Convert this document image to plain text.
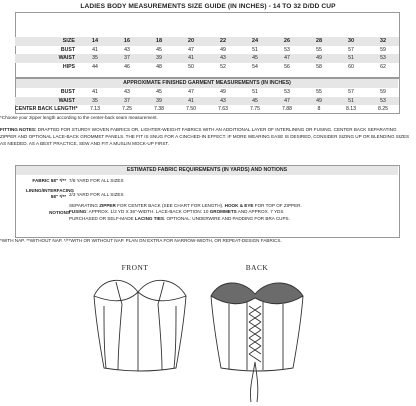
LADIES BODY MEASUREMENTS SIZE GUIDE (IN INCHES) - 14 TO 32 D/DD CUP
SIZE	14	16	18	20	22	24	26	28	30	32
BUST	41	43	45	47	49	51	53	55	57	59
WAIST	35	37	39	41	43	45	47	49	51	53
HIPS	44	46	48	50	52	54	56	58	60	62
APPROXIMATE FINISHED GARMENT MEASUREMENTS (IN INCHES)
BUST	41	43	45	47	49	51	53	55	57	59
WAIST	35	37	39	41	43	45	47	49	51	53
CENTER BACK LENGTH*	7.13	7.25	7.38	7.50	7.63	7.75	7.88	8	8.13	8.25
*Choose your zipper length according to the center-back seam measurement.
FITTING NOTES: DRAFTED FOR STURDY WOVEN FABRICS OR, LIGHTER-WEIGHT FABRICS WITH AN ADDITIONAL LAYER OF INTERLINING OR FUSING. CENTER BACK SEPARATING ZIPPER AND OPTIONAL LACE-BACK GROMMET PANELS. THE FIT IS SNUG FOR A CINCHED-IN EFFECT. IF MORE WEARING EASE IS DESIRED, CONSIDER SIZING UP OR BLENDING SIZES AS NEEDED. AS A BEST PRACTICE, SEW AND FIT A MUSLIN MOCK-UP FIRST.
ESTIMATED FABRIC REQUIREMENTS (IN YARDS) AND NOTIONS
FABRIC 58" */** 7/8 YARD FOR ALL SIZES
LINING/INTERFACING
58" */** 2/3 YARD FOR ALL SIZES
NOTIONS
SEPARATING ZIPPER FOR CENTER BACK (SEE CHART FOR LENGTH). HOOK & EYE FOR TOP OF ZIPPER.
FUSING: APPROX. 1/2 YD X 36"-WIDTH. LACE-BACK OPTION: 10 GROMMETS AND APPROX. 7 YDS
PURCHASED OR SELF-MADE LACING TIES. OPTIONAL: UNDERWIRE AND PADDING FOR BRA CUPS.
*WITH NAP. **WITHOUT NAP. */**WITH OR WITHOUT NAP. PLAN ON EXTRA FOR NARROW-WIDTH, OR REPEAT-DESIGN FABRICS.
FRONT	BACK
